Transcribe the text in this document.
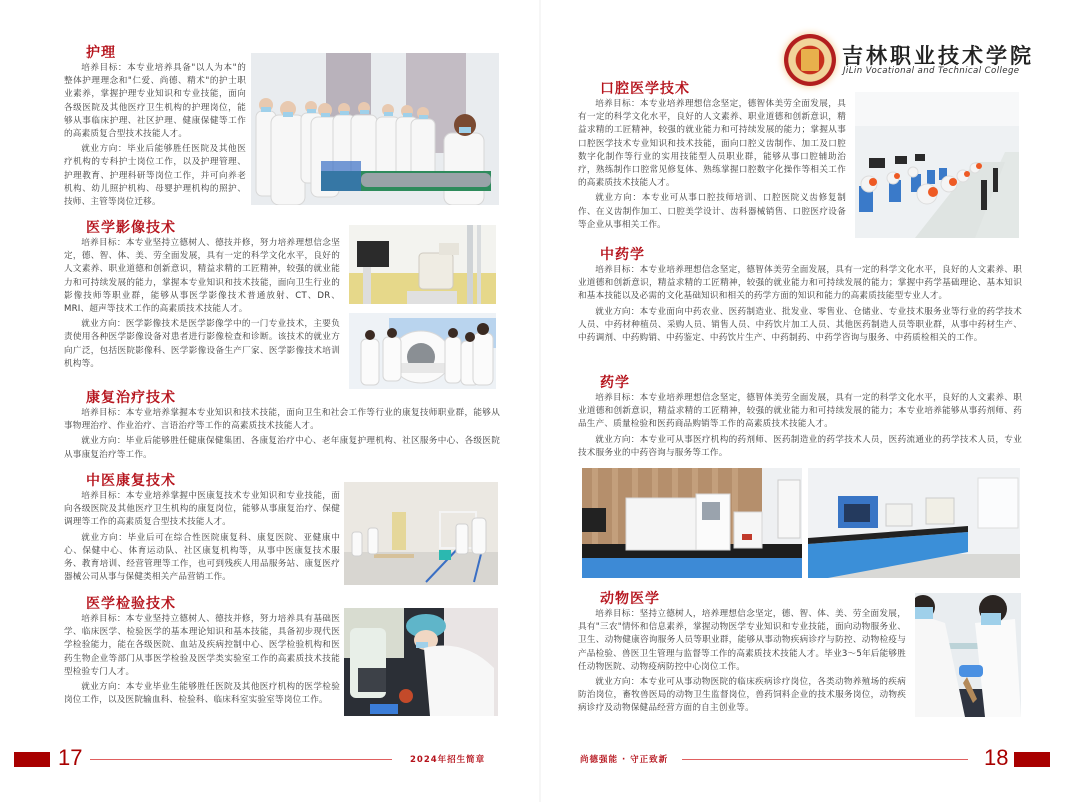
护理

培养目标：本专业培养具备"以人为本"的整体护理理念和"仁爱、尚德、精术"的护士职业素养，掌握护理专业知识和专业技能，面向各级医院及其他医疗卫生机构的护理岗位，能够从事临床护理、社区护理、健康保健等工作的高素质复合型技术技能人才。

就业方向：毕业后能够胜任医院及其他医疗机构的专科护士岗位工作，以及护理管理、护理教育、护理科研等岗位工作，并可向养老机构、幼儿照护机构、母婴护理机构的照护、技师、主管等岗位迁移。

医学影像技术

培养目标：本专业坚持立德树人、德技并修，努力培养理想信念坚定，德、智、体、美、劳全面发展，具有一定的科学文化水平，良好的人文素养、职业道德和创新意识，精益求精的工匠精神，较强的就业能力和可持续发展的能力，掌握本专业知识和技术技能，面向卫生行业的影像技师等职业群，能够从事医学影像技术普通放射、CT、DR、MRI、超声等技术工作的高素质技术技能人才。

就业方向：医学影像技术是医学影像学中的一门专业技术，主要负责使用各种医学影像设备对患者进行影像检查和诊断。该技术的就业方向广泛，包括医院影像科、医学影像设备生产厂家、医学影像技术培训机构等。

康复治疗技术

培养目标：本专业培养掌握本专业知识和技术技能，面向卫生和社会工作等行业的康复技师职业群，能够从事物理治疗、作业治疗、言语治疗等工作的高素质技术技能人才。

就业方向：毕业后能够胜任健康保健集团、各康复治疗中心、老年康复护理机构、社区服务中心、各级医院从事康复治疗等工作。

中医康复技术

培养目标：本专业培养掌握中医康复技术专业知识和专业技能，面向各级医院及其他医疗卫生机构的康复岗位，能够从事康复治疗、保健调理等工作的高素质复合型技术技能人才。

就业方向：毕业后可在综合性医院康复科、康复医院、亚健康中心、保健中心、体育运动队、社区康复机构等，从事中医康复技术服务、教育培训、经营管理等工作，也可到残疾人用品服务站、康复医疗器械公司从事与保健类相关产品营销工作。

医学检验技术

培养目标：本专业坚持立德树人、德技并修，努力培养具有基础医学、临床医学、检验医学的基本理论知识和基本技能，具备初步现代医学检验能力，能在各级医院、血站及疾病控制中心、医学检验机构和医药生物企业等部门从事医学检验及医学类实验室工作的高素质技术技能型检验专门人才。

就业方向：本专业毕业生能够胜任医院及其他医疗机构的医学检验岗位工作，以及医院输血科、检验科、临床科室实验室等岗位工作。

17	2024年招生简章
吉林职业技术学院
JiLin Vocational and Technical College
口腔医学技术

培养目标：本专业培养理想信念坚定，德智体美劳全面发展，具有一定的科学文化水平，良好的人文素养、职业道德和创新意识，精益求精的工匠精神，较强的就业能力和可持续发展的能力；掌握从事口腔医学技术专业知识和技术技能，面向口腔义齿制作、加工及口腔数字化制作等行业的实用技能型人员职业群，能够从事口腔辅助治疗，熟练制作口腔常见修复体、熟练掌握口腔数字化操作等相关工作的高素质技术技能人才。

就业方向：本专业可从事口腔技师培训、口腔医院义齿修复制作、在义齿制作加工、口腔美学设计、齿科器械销售、口腔医疗设备等企业从事相关工作。

中药学

培养目标：本专业培养理想信念坚定，德智体美劳全面发展，具有一定的科学文化水平，良好的人文素养、职业道德和创新意识，精益求精的工匠精神，较强的就业能力和可持续发展的能力；掌握中药学基础理论、基本知识和基本技能以及必需的文化基础知识和相关的药学方面的知识和能力的高素质技能型专业人才。

就业方向：本专业面向中药农业、医药制造业、批发业、零售业、仓储业、专业技术服务业等行业的药学技术人员、中药材种植员、采购人员、销售人员、中药饮片加工人员、其他医药制造人员等职业群，从事中药材生产、中药调剂、中药购销、中药鉴定、中药饮片生产、中药制药、中药学咨询与服务、中药质检相关的工作。

药学

培养目标：本专业培养理想信念坚定，德智体美劳全面发展，具有一定的科学文化水平，良好的人文素养、职业道德和创新意识，精益求精的工匠精神，较强的就业能力和可持续发展的能力；本专业培养能够从事药剂师、药品生产、质量检验和医药商品购销等工作的高素质技术技能人才。

就业方向：本专业可从事医疗机构的药剂师、医药制造业的药学技术人员，医药流通业的药学技术人员，专业技术服务业的中药咨询与服务等工作。

动物医学

培养目标：坚持立德树人，培养理想信念坚定，德、智、体、美、劳全面发展，具有"三农"情怀和信息素养，掌握动物医学专业知识和专业技能，面向动物服务业、卫生、动物健康咨询服务人员等职业群，能够从事动物疾病诊疗与防控、动物检疫与产品检验、兽医卫生管理与监督等工作的高素质技术技能人才。毕业3～5年后能够胜任动物医院、动物疫病防控中心岗位工作。

就业方向：本专业可从事动物医院的临床疾病诊疗岗位，各类动物养殖场的疾病防治岗位，畜牧兽医局的动物卫生监督岗位，兽药饲料企业的技术服务岗位，动物疾病诊疗及动物保健品经营方面的自主创业等。

尚德强能 · 守正致新	18
